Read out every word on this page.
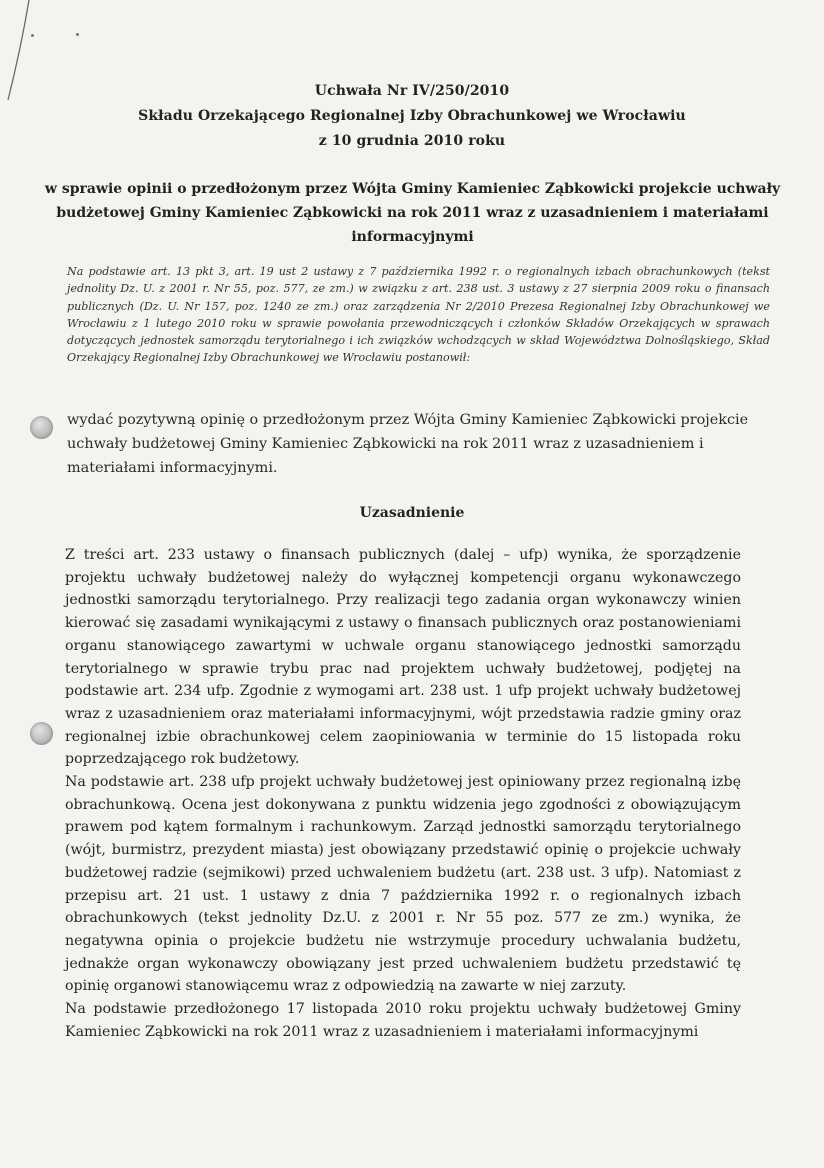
Uchwała Nr IV/250/2010
Składu Orzekającego Regionalnej Izby Obrachunkowej we Wrocławiu
z 10 grudnia 2010 roku
w sprawie opinii o przedłożonym przez Wójta Gminy Kamieniec Ząbkowicki projekcie uchwały budżetowej Gminy Kamieniec Ząbkowicki na rok 2011 wraz z uzasadnieniem i materiałami informacyjnymi
Na podstawie art. 13 pkt 3, art. 19 ust 2 ustawy z 7 października 1992 r. o regionalnych izbach obrachunkowych (tekst jednolity Dz. U. z 2001 r. Nr 55, poz. 577, ze zm.) w związku z art. 238 ust. 3 ustawy z 27 sierpnia 2009 roku o finansach publicznych (Dz. U. Nr 157, poz. 1240 ze zm.) oraz zarządzenia Nr 2/2010 Prezesa Regionalnej Izby Obrachunkowej we Wrocławiu z 1 lutego 2010 roku w sprawie powołania przewodniczących i członków Składów Orzekających w sprawach dotyczących jednostek samorządu terytorialnego i ich związków wchodzących w skład Województwa Dolnośląskiego, Skład Orzekający Regionalnej Izby Obrachunkowej we Wrocławiu postanowił:
wydać pozytywną opinię o przedłożonym przez Wójta Gminy Kamieniec Ząbkowicki projekcie uchwały budżetowej Gminy Kamieniec Ząbkowicki na rok 2011 wraz z uzasadnieniem i materiałami informacyjnymi.
Uzasadnienie

Z treści art. 233 ustawy o finansach publicznych (dalej – ufp) wynika, że sporządzenie projektu uchwały budżetowej należy do wyłącznej kompetencji organu wykonawczego jednostki samorządu terytorialnego. Przy realizacji tego zadania organ wykonawczy winien kierować się zasadami wynikającymi z ustawy o finansach publicznych oraz postanowieniami organu stanowiącego zawartymi w uchwale organu stanowiącego jednostki samorządu terytorialnego w sprawie trybu prac nad projektem uchwały budżetowej, podjętej na podstawie art. 234 ufp. Zgodnie z wymogami art. 238 ust. 1 ufp projekt uchwały budżetowej wraz z uzasadnieniem oraz materiałami informacyjnymi, wójt przedstawia radzie gminy oraz regionalnej izbie obrachunkowej celem zaopiniowania w terminie do 15 listopada roku poprzedzającego rok budżetowy.

Na podstawie art. 238 ufp projekt uchwały budżetowej jest opiniowany przez regionalną izbę obrachunkową. Ocena jest dokonywana z punktu widzenia jego zgodności z obowiązującym prawem pod kątem formalnym i rachunkowym. Zarząd jednostki samorządu terytorialnego (wójt, burmistrz, prezydent miasta) jest obowiązany przedstawić opinię o projekcie uchwały budżetowej radzie (sejmikowi) przed uchwaleniem budżetu (art. 238 ust. 3 ufp). Natomiast z przepisu art. 21 ust. 1 ustawy z dnia 7 października 1992 r. o regionalnych izbach obrachunkowych (tekst jednolity Dz.U. z 2001 r. Nr 55 poz. 577 ze zm.) wynika, że negatywna opinia o projekcie budżetu nie wstrzymuje procedury uchwalania budżetu, jednakże organ wykonawczy obowiązany jest przed uchwaleniem budżetu przedstawić tę opinię organowi stanowiącemu wraz z odpowiedzią na zawarte w niej zarzuty.

Na podstawie przedłożonego 17 listopada 2010 roku projektu uchwały budżetowej Gminy Kamieniec Ząbkowicki na rok 2011 wraz z uzasadnieniem i materiałami informacyjnymi
